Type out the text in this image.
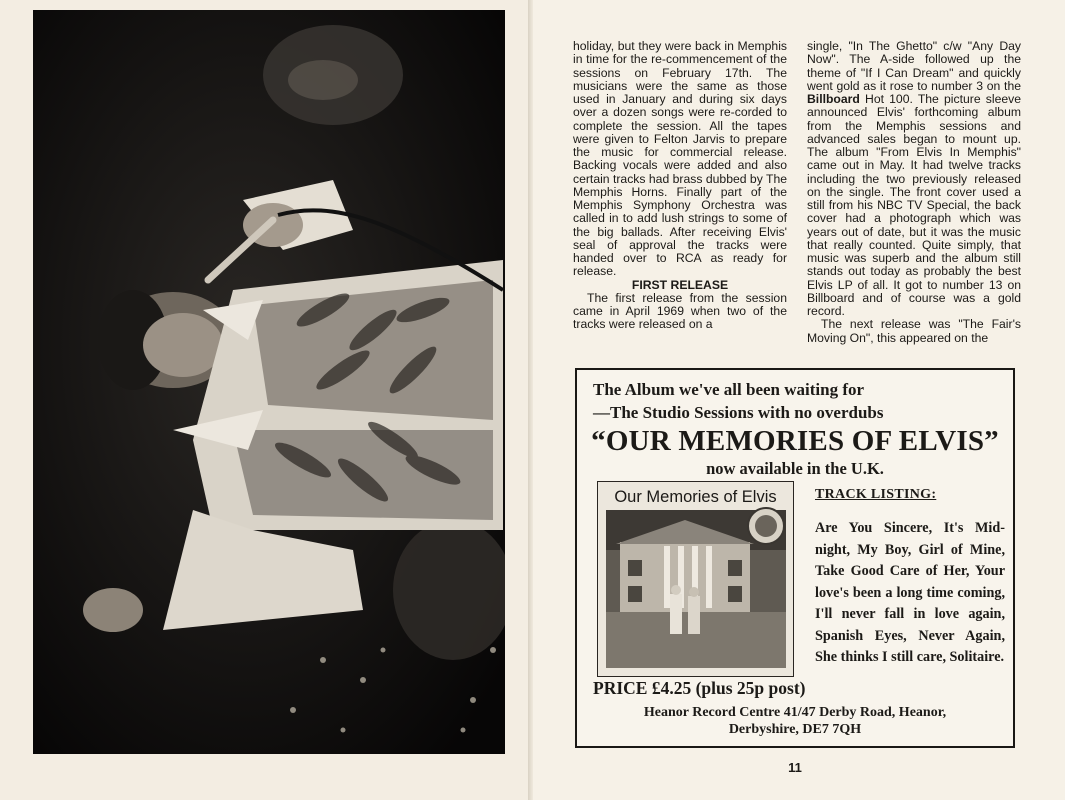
holiday, but they were back in Memphis in time for the re-commencement of the sessions on February 17th. The musicians were the same as those used in January and during six days over a dozen songs were re-corded to complete the session. All the tapes were given to Felton Jarvis to prepare the music for commercial release. Backing vocals were added and also certain tracks had brass dubbed by The Memphis Horns. Finally part of the Memphis Symphony Orchestra was called in to add lush strings to some of the big ballads. After receiving Elvis' seal of approval the tracks were handed over to RCA as ready for release.

FIRST RELEASE

The first release from the session came in April 1969 when two of the tracks were released on a

single, "In The Ghetto" c/w "Any Day Now". The A-side followed up the theme of "If I Can Dream" and quickly went gold as it rose to number 3 on the Billboard Hot 100. The picture sleeve announced Elvis' forthcoming album from the Memphis sessions and advanced sales began to mount up. The album "From Elvis In Memphis" came out in May. It had twelve tracks including the two previously released on the single. The front cover used a still from his NBC TV Special, the back cover had a photograph which was years out of date, but it was the music that really counted. Quite simply, that music was superb and the album still stands out today as probably the best Elvis LP of all. It got to number 13 on Billboard and of course was a gold record.

The next release was "The Fair's Moving On", this appeared on the

The Album we've all been waiting for
—The Studio Sessions with no overdubs
“OUR MEMORIES OF ELVIS”
now available in the U.K.
Our Memories of Elvis	TRACK LISTING:
Are You Sincere, It's Mid-night, My Boy, Girl of Mine, Take Good Care of Her, Your love's been a long time coming, I'll never fall in love again, Spanish Eyes, Never Again, She thinks I still care, Solitaire.
PRICE £4.25 (plus 25p post)
Heanor Record Centre 41/47 Derby Road, Heanor,
Derbyshire, DE7 7QH
11
